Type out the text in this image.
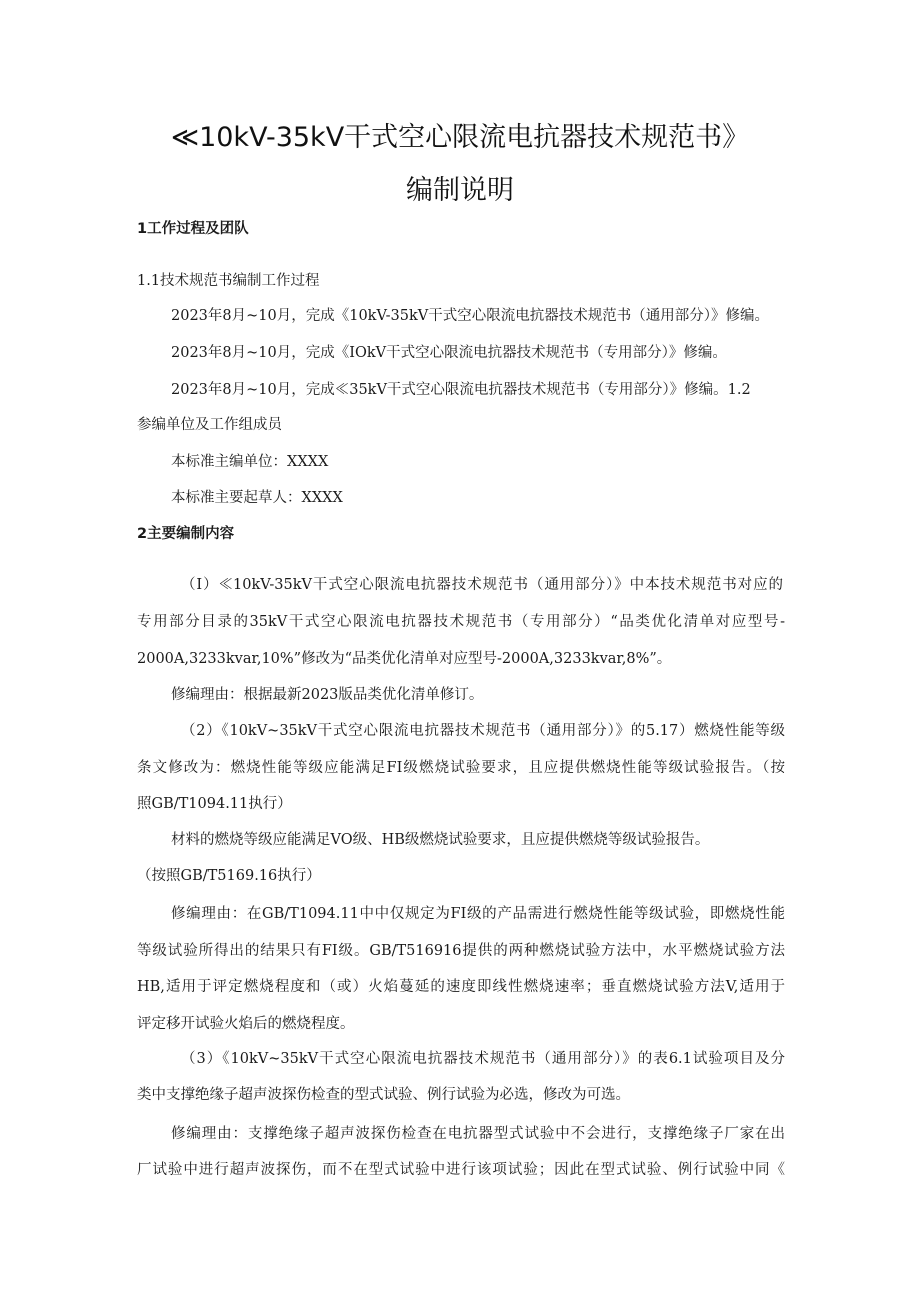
≪10kV-35kV干式空心限流电抗器技术规范书》
编制说明
1工作过程及团队
1.1技术规范书编制工作过程
2023年8月~10月，完成《10kV-35kV干式空心限流电抗器技术规范书（通用部分）》修编。
2023年8月~10月，完成《IOkV干式空心限流电抗器技术规范书（专用部分）》修编。
2023年8月~10月，完成≪35kV干式空心限流电抗器技术规范书（专用部分）》修编。1.2
参编单位及工作组成员
本标准主编单位：XXXX
本标准主要起草人：XXXX
2主要编制内容
（I）≪10kV-35kV干式空心限流电抗器技术规范书（通用部分）》中本技术规范书对应的
专用部分目录的35kV干式空心限流电抗器技术规范书（专用部分）“品类优化清单对应型号-
2000A,3233kvar,10%”修改为“品类优化清单对应型号-2000A,3233kvar,8%”。
修编理由：根据最新2023版品类优化清单修订。
（2）《10kV~35kV干式空心限流电抗器技术规范书（通用部分）》的5.17）燃烧性能等级
条文修改为：燃烧性能等级应能满足FI级燃烧试验要求，且应提供燃烧性能等级试验报告。（按
照GB/T1094.11执行）
材料的燃烧等级应能满足VO级、HB级燃烧试验要求，且应提供燃烧等级试验报告。
（按照GB/T5169.16执行）
修编理由：在GB/T1094.11中中仅规定为FI级的产品需进行燃烧性能等级试验，即燃烧性能
等级试验所得出的结果只有FI级。GB/T516916提供的两种燃烧试验方法中，水平燃烧试验方法
HB,适用于评定燃烧程度和（或）火焰蔓延的速度即线性燃烧速率；垂直燃烧试验方法V,适用于
评定移开试验火焰后的燃烧程度。
（3）《10kV~35kV干式空心限流电抗器技术规范书（通用部分）》的表6.1试验项目及分
类中支撑绝缘子超声波探伤检查的型式试验、例行试验为必选，修改为可选。
修编理由：支撑绝缘子超声波探伤检查在电抗器型式试验中不会进行，支撑绝缘子厂家在出
厂试验中进行超声波探伤，而不在型式试验中进行该项试验；因此在型式试验、例行试验中同《
